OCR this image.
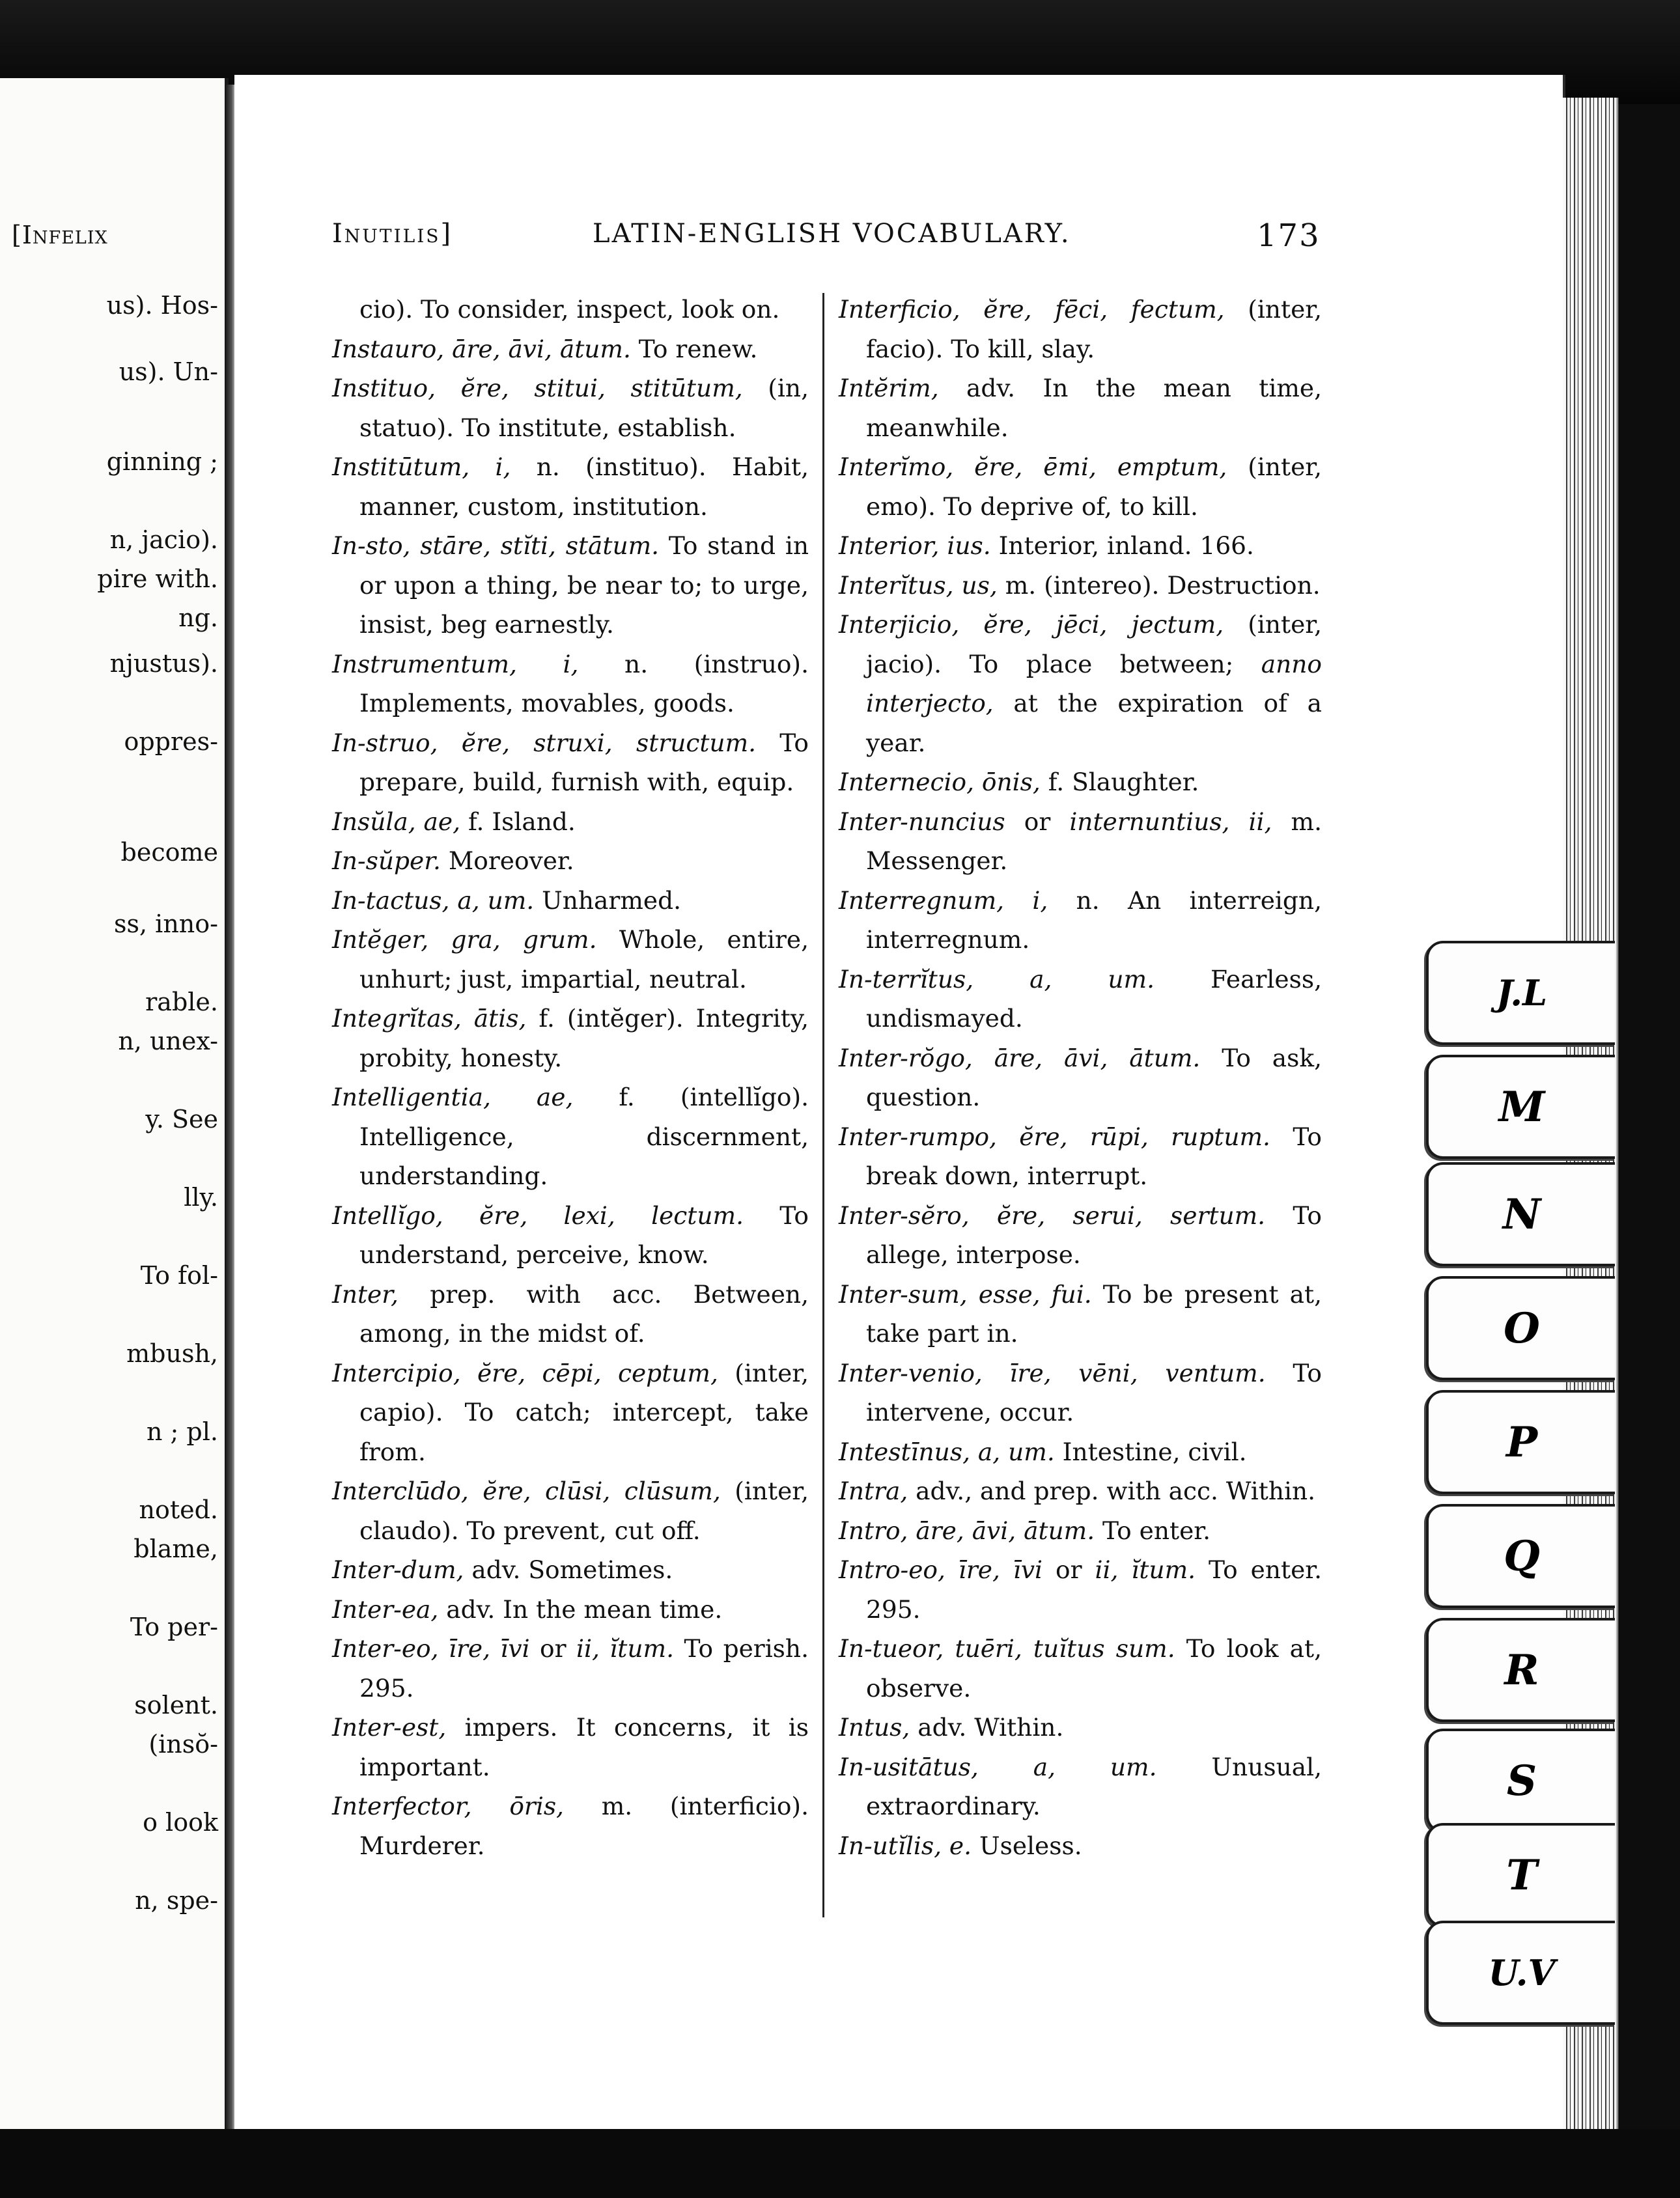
[Infelix
us). Hos-
us). Un-
ginning ;
n, jacio).
pire with.
ng.
njustus).
oppres-
become
ss, inno-
rable.
n, unex-
y. See
lly.
To fol-
mbush,
n ; pl.
noted.
blame,
To per-
solent.
(insŏ-
o look
n, spe-
Inutilis]	LATIN-ENGLISH VOCABULARY.	173
cio). To consider, inspect, look on.
Instauro, āre, āvi, ātum. To renew.
Instituo, ĕre, stitui, stitūtum, (in, statuo). To institute, establish.
Institūtum, i, n. (instituo). Habit, manner, custom, institution.
In-sto, stāre, stĭti, stātum. To stand in or upon a thing, be near to; to urge, insist, beg earnestly.
Instrumentum, i, n. (instruo). Implements, movables, goods.
In-struo, ĕre, struxi, structum. To prepare, build, furnish with, equip.
Insŭla, ae, f. Island.
In-sŭper. Moreover.
In-tactus, a, um. Unharmed.
Intĕger, gra, grum. Whole, entire, unhurt; just, impartial, neutral.
Integrĭtas, ātis, f. (intĕger). Integrity, probity, honesty.
Intelligentia, ae, f. (intellĭgo). Intelligence, discernment, understanding.
Intellĭgo, ĕre, lexi, lectum. To understand, perceive, know.
Inter, prep. with acc. Between, among, in the midst of.
Intercipio, ĕre, cēpi, ceptum, (inter, capio). To catch; intercept, take from.
Interclūdo, ĕre, clūsi, clūsum, (inter, claudo). To prevent, cut off.
Inter-dum, adv. Sometimes.
Inter-ea, adv. In the mean time.
Inter-eo, īre, īvi or ii, ĭtum. To perish. 295.
Inter-est, impers. It concerns, it is important.
Interfector, ōris, m. (interficio). Murderer.
Interficio, ĕre, fēci, fectum, (inter, facio). To kill, slay.
Intĕrim, adv. In the mean time, meanwhile.
Interĭmo, ĕre, ēmi, emptum, (inter, emo). To deprive of, to kill.
Interior, ius. Interior, inland. 166.
Interĭtus, us, m. (intereo). Destruction.
Interjicio, ĕre, jēci, jectum, (inter, jacio). To place between; anno interjecto, at the expiration of a year.
Internecio, ōnis, f. Slaughter.
Inter-nuncius or internuntius, ii, m. Messenger.
Interregnum, i, n. An interreign, interregnum.
In-terrĭtus, a, um. Fearless, undismayed.
Inter-rŏgo, āre, āvi, ātum. To ask, question.
Inter-rumpo, ĕre, rūpi, ruptum. To break down, interrupt.
Inter-sĕro, ĕre, serui, sertum. To allege, interpose.
Inter-sum, esse, fui. To be present at, take part in.
Inter-venio, īre, vēni, ventum. To intervene, occur.
Intestīnus, a, um. Intestine, civil.
Intra, adv., and prep. with acc. Within.
Intro, āre, āvi, ātum. To enter.
Intro-eo, īre, īvi or ii, ĭtum. To enter. 295.
In-tueor, tuēri, tuĭtus sum. To look at, observe.
Intus, adv. Within.
In-usitātus, a, um. Unusual, extraordinary.
In-utĭlis, e. Useless.
J.L
M
N
O
P
Q
R
S
T
U.V
